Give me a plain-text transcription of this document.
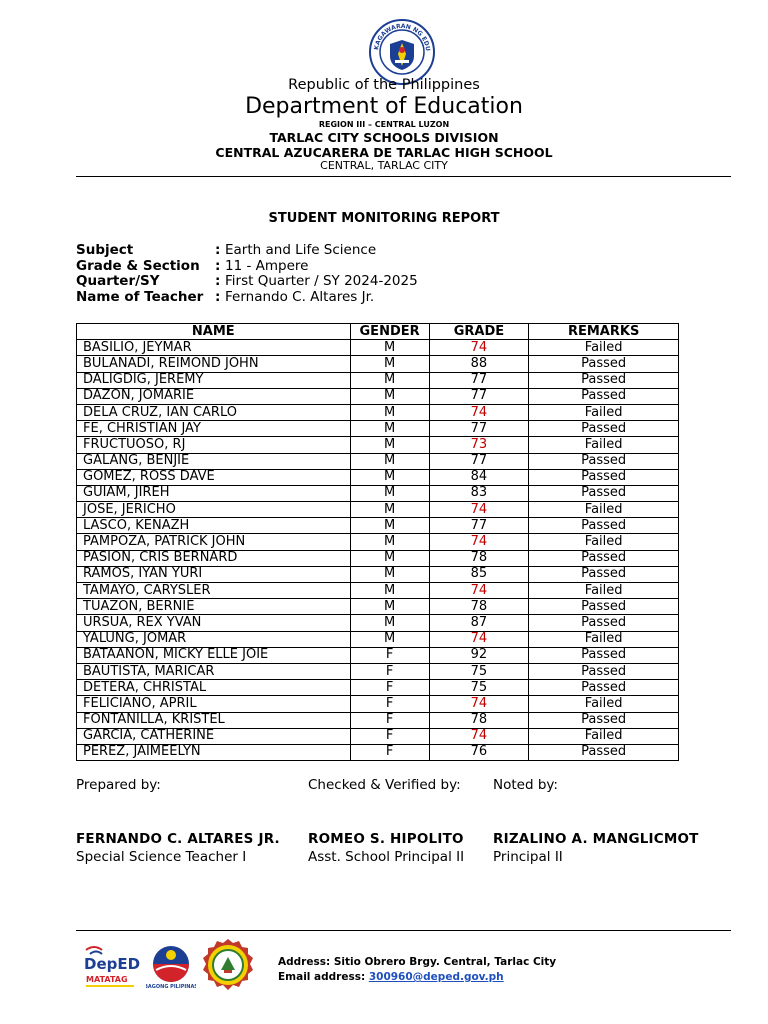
KAGAWARAN NG EDU
Republic of the Philippines
Department of Education
REGION III – CENTRAL LUZON
TARLAC CITY SCHOOLS DIVISION
CENTRAL AZUCARERA DE TARLAC HIGH SCHOOL
CENTRAL, TARLAC CITY
STUDENT MONITORING REPORT
Subject	: Earth and Life Science
Grade & Section	: 11 - Ampere
Quarter/SY	: First Quarter / SY 2024-2025
Name of Teacher : Fernando C. Altares Jr.
NAME	GENDER	GRADE	REMARKS
BASILIO, JEYMAR	M	74	Failed
BULANADI, REIMOND JOHN	M	88	Passed
DALIGDIG, JEREMY	M	77	Passed
DAZON, JOMARIE	M	77	Passed
DELA CRUZ, IAN CARLO	M	74	Failed
FE, CHRISTIAN JAY	M	77	Passed
FRUCTUOSO, RJ	M	73	Failed
GALANG, BENJIE	M	77	Passed
GOMEZ, ROSS DAVE	M	84	Passed
GUIAM, JIREH	M	83	Passed
JOSE, JERICHO	M	74	Failed
LASCO, KENAZH	M	77	Passed
PAMPOZA, PATRICK JOHN	M	74	Failed
PASION, CRIS BERNARD	M	78	Passed
RAMOS, IYAN YURI	M	85	Passed
TAMAYO, CARYSLER	M	74	Failed
TUAZON, BERNIE	M	78	Passed
URSUA, REX YVAN	M	87	Passed
YALUNG, JOMAR	M	74	Failed
BATAANON, MICKY ELLE JOIE	F	92	Passed
BAUTISTA, MARICAR	F	75	Passed
DETERA, CHRISTAL	F	75	Passed
FELICIANO, APRIL	F	74	Failed
FONTANILLA, KRISTEL	F	78	Passed
GARCIA, CATHERINE	F	74	Failed
PEREZ, JAIMEELYN	F	76	Passed
Prepared by:	Checked & Verified by: Noted by:
FERNANDO C. ALTARES JR. ROMEO S. HIPOLITO RIZALINO A. MANGLICMOT
Special Science Teacher I	Asst. School Principal II Principal II
DepED
MATATAG
BAGONG PILIPINAS
Address: Sitio Obrero Brgy. Central, Tarlac City
Email address: 300960@deped.gov.ph
